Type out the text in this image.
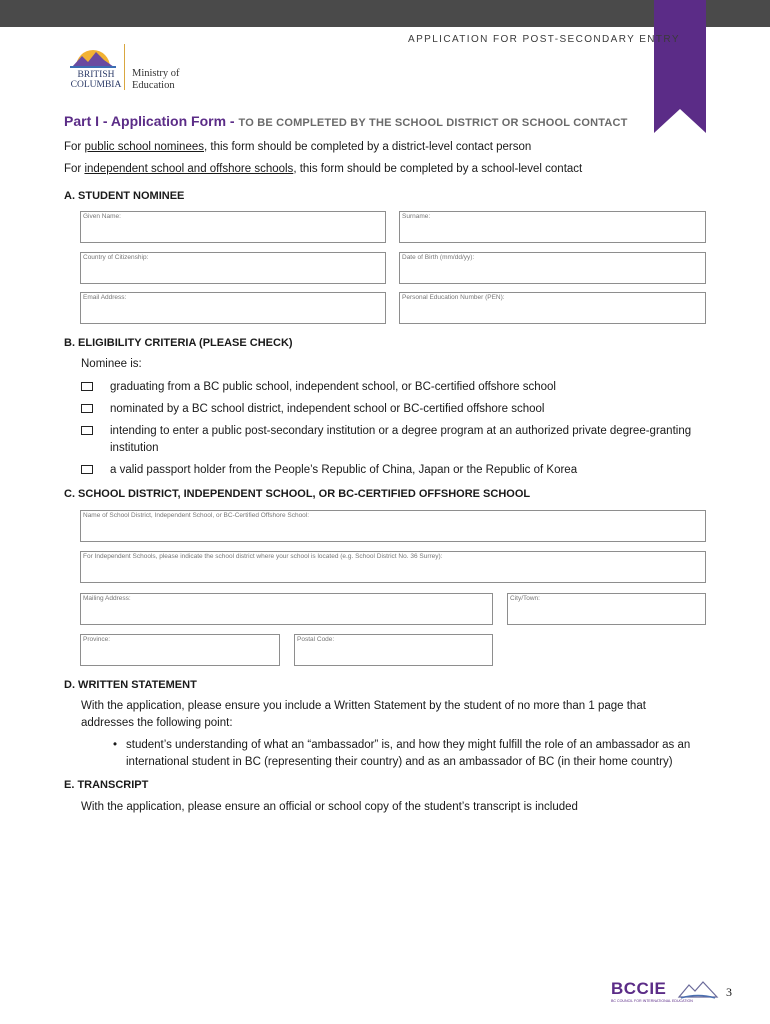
APPLICATION FOR POST-SECONDARY ENTRY
BRITISH
COLUMBIA
Ministry of
Education
Part I - Application Form - TO BE COMPLETED BY THE SCHOOL DISTRICT OR SCHOOL CONTACT
For public school nominees, this form should be completed by a district-level contact person
For independent school and offshore schools, this form should be completed by a school-level contact
A. STUDENT NOMINEE
Given Name:	Surname:
Country of Citizenship:	Date of Birth (mm/dd/yy):
Email Address:	Personal Education Number (PEN):
B. ELIGIBILITY CRITERIA (PLEASE CHECK)
Nominee is:
graduating from a BC public school, independent school, or BC-certified offshore school
nominated by a BC school district, independent school or BC-certified offshore school
intending to enter a public post-secondary institution or a degree program at an authorized private degree-granting institution
a valid passport holder from the People’s Republic of China, Japan or the Republic of Korea
C. SCHOOL DISTRICT, INDEPENDENT SCHOOL, OR BC-CERTIFIED OFFSHORE SCHOOL
Name of School District, Independent School, or BC-Certified Offshore School:
For Independent Schools, please indicate the school district where your school is located (e.g. School District No. 36 Surrey):
Mailing Address:	City/Town:
Province:	Postal Code:
D. WRITTEN STATEMENT
With the application, please ensure you include a Written Statement by the student of no more than 1 page that
addresses the following point:
• student’s understanding of what an “ambassador” is, and how they might fulfill the role of an ambassador as an
international student in BC (representing their country) and as an ambassador of BC (in their home country)
E. TRANSCRIPT
With the application, please ensure an official or school copy of the student’s transcript is included
BCCIE
BC COUNCIL FOR INTERNATIONAL EDUCATION
3
